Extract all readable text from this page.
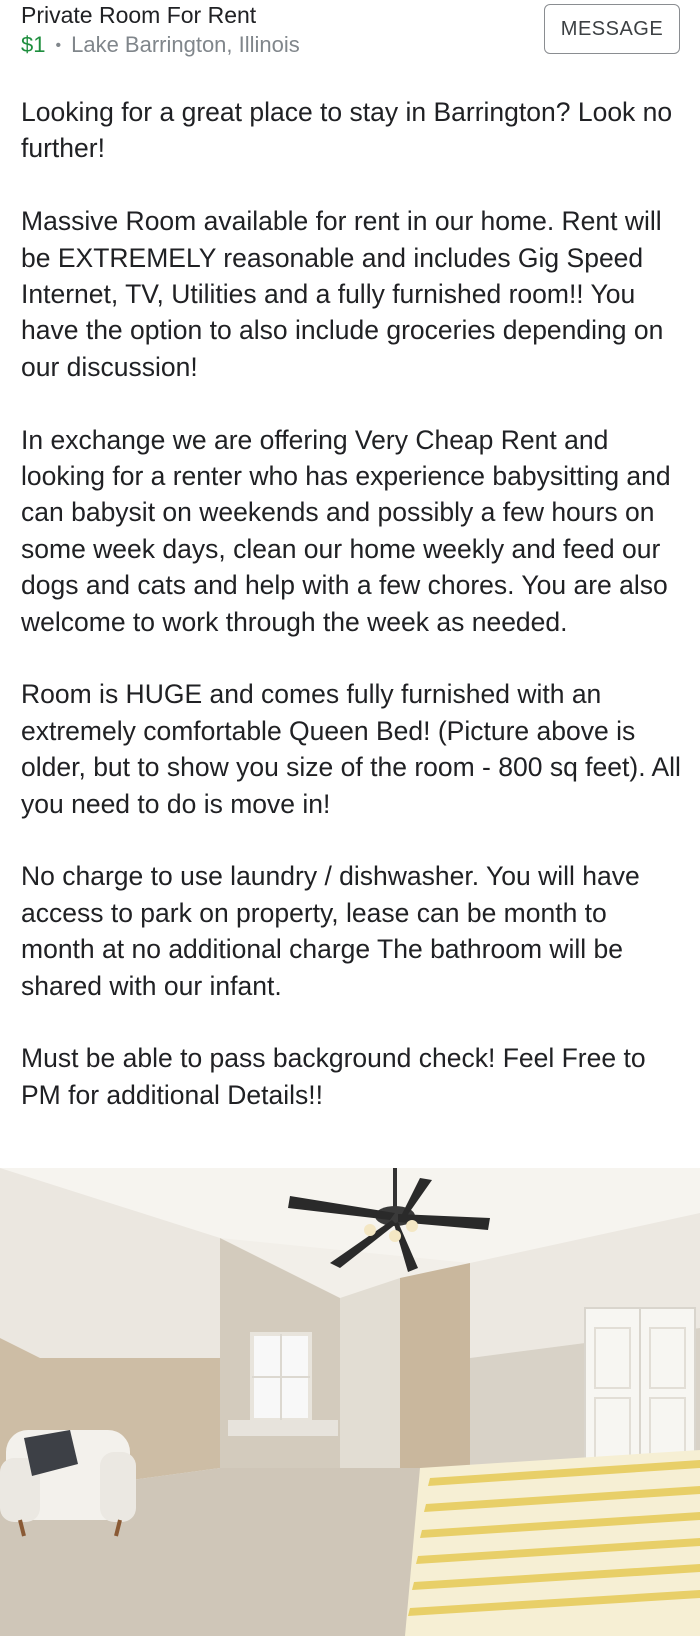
Private Room For Rent
$1 • Lake Barrington, Illinois
MESSAGE

Looking for a great place to stay in Barrington? Look no further!

Massive Room available for rent in our home. Rent will be EXTREMELY reasonable and includes Gig Speed Internet, TV, Utilities and a fully furnished room!! You have the option to also include groceries depending on our discussion!

In exchange we are offering Very Cheap Rent and looking for a renter who has experience babysitting and can babysit on weekends and possibly a few hours on some week days, clean our home weekly and feed our dogs and cats and help with a few chores. You are also welcome to work through the week as needed.

Room is HUGE and comes fully furnished with an extremely comfortable Queen Bed! (Picture above is older, but to show you size of the room - 800 sq feet). All you need to do is move in!

No charge to use laundry / dishwasher. You will have access to park on property, lease can be month to month at no additional charge The bathroom will be shared with our infant.

Must be able to pass background check! Feel Free to PM for additional Details!!
